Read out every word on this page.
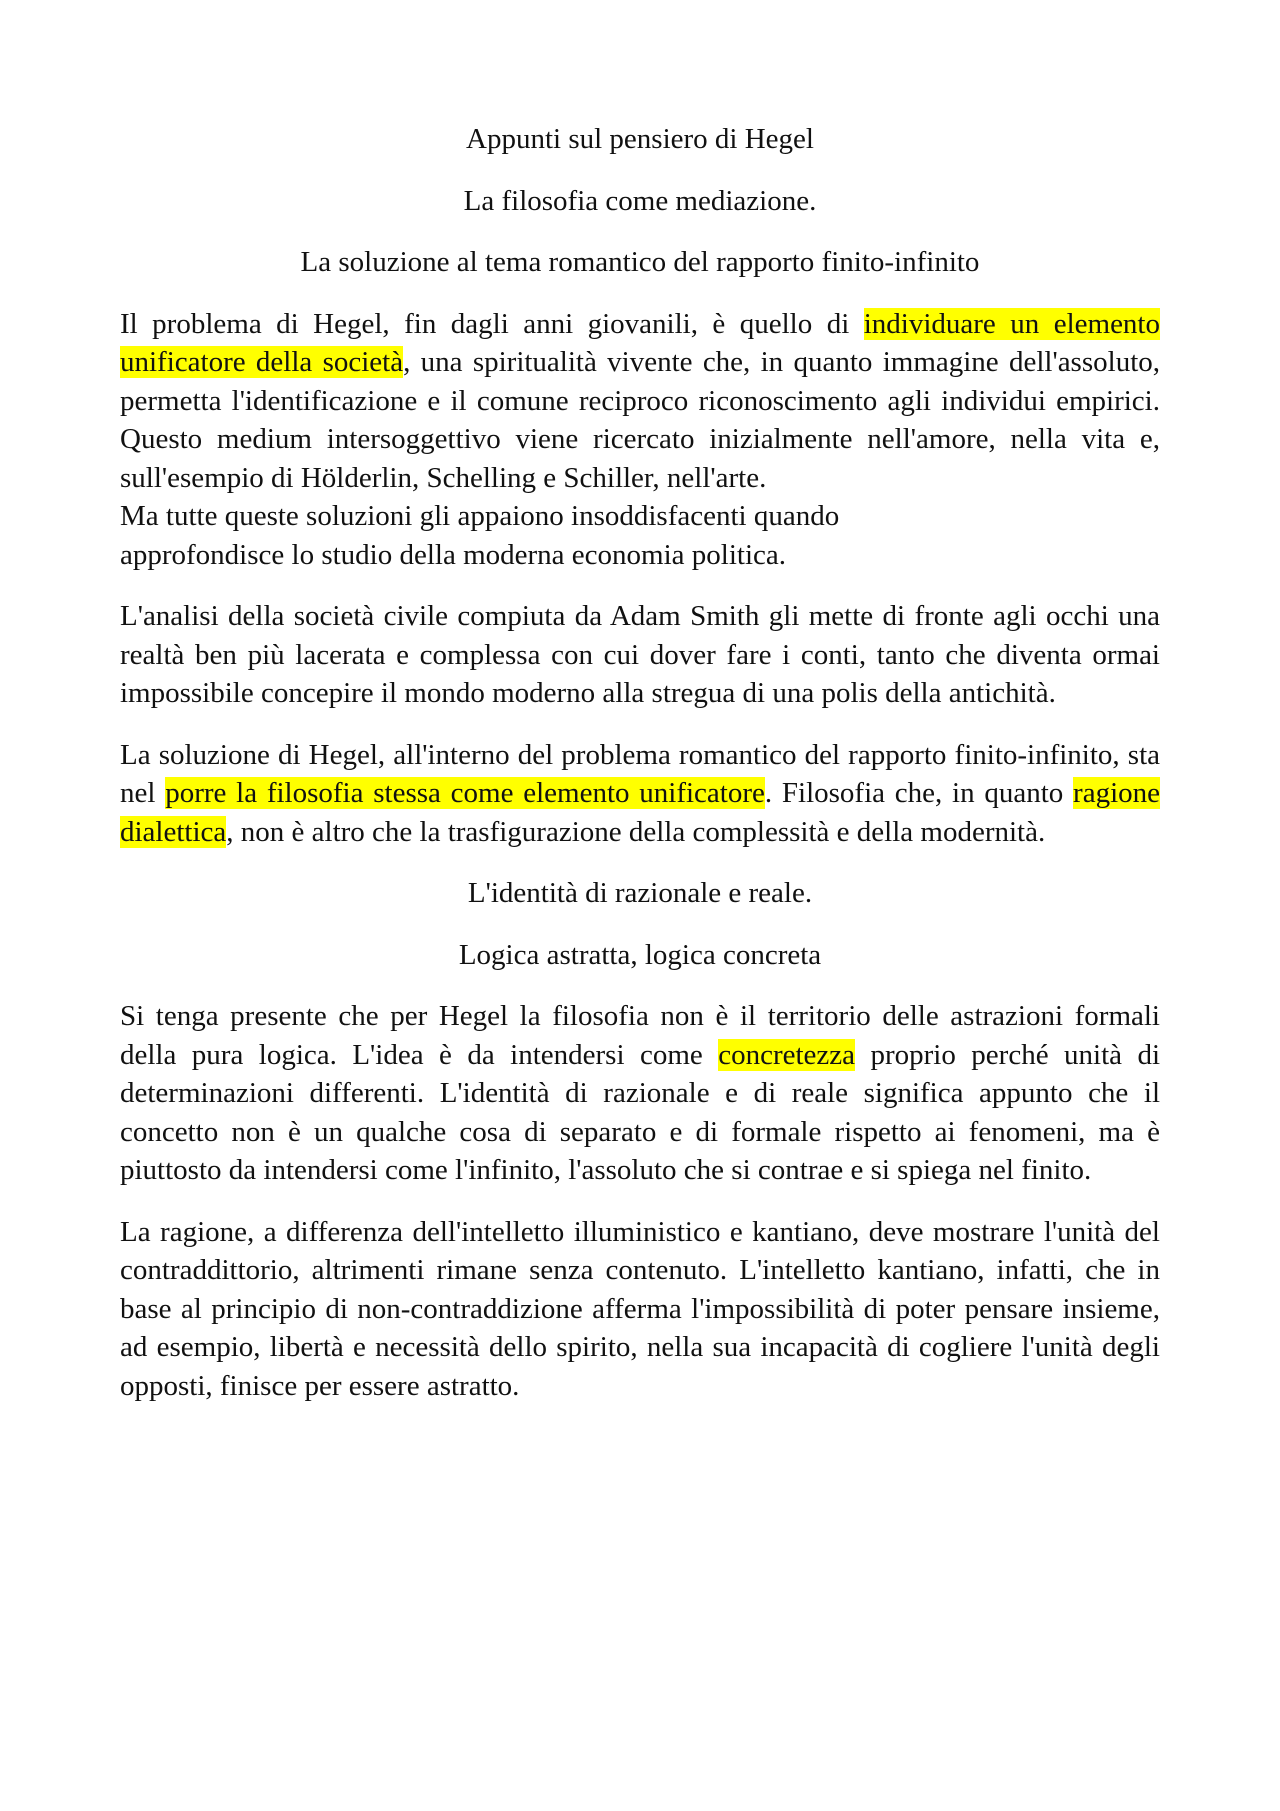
Appunti sul pensiero di Hegel

La filosofia come mediazione.

La soluzione al tema romantico del rapporto finito-infinito

Il problema di Hegel, fin dagli anni giovanili, è quello di individuare un elemento unificatore della società, una spiritualità vivente che, in quanto immagine dell'assoluto, permetta l'identificazione e il comune reciproco riconoscimento agli individui empirici. Questo medium intersoggettivo viene ricercato inizialmente nell'amore, nella vita e, sull'esempio di Hölderlin, Schelling e Schiller, nell'arte.
Ma tutte queste soluzioni gli appaiono insoddisfacenti quando
approfondisce lo studio della moderna economia politica.

L'analisi della società civile compiuta da Adam Smith gli mette di fronte agli occhi una realtà ben più lacerata e complessa con cui dover fare i conti, tanto che diventa ormai impossibile concepire il mondo moderno alla stregua di una polis della antichità.

La soluzione di Hegel, all'interno del problema romantico del rapporto finito-infinito, sta nel porre la filosofia stessa come elemento unificatore. Filosofia che, in quanto ragione dialettica, non è altro che la trasfigurazione della complessità e della modernità.

L'identità di razionale e reale.

Logica astratta, logica concreta

Si tenga presente che per Hegel la filosofia non è il territorio delle astrazioni formali della pura logica. L'idea è da intendersi come concretezza proprio perché unità di determinazioni differenti. L'identità di razionale e di reale significa appunto che il concetto non è un qualche cosa di separato e di formale rispetto ai fenomeni, ma è piuttosto da intendersi come l'infinito, l'assoluto che si contrae e si spiega nel finito.

La ragione, a differenza dell'intelletto illuministico e kantiano, deve mostrare l'unità del contraddittorio, altrimenti rimane senza contenuto. L'intelletto kantiano, infatti, che in base al principio di non-contraddizione afferma l'impossibilità di poter pensare insieme, ad esempio, libertà e necessità dello spirito, nella sua incapacità di cogliere l'unità degli opposti, finisce per essere astratto.
